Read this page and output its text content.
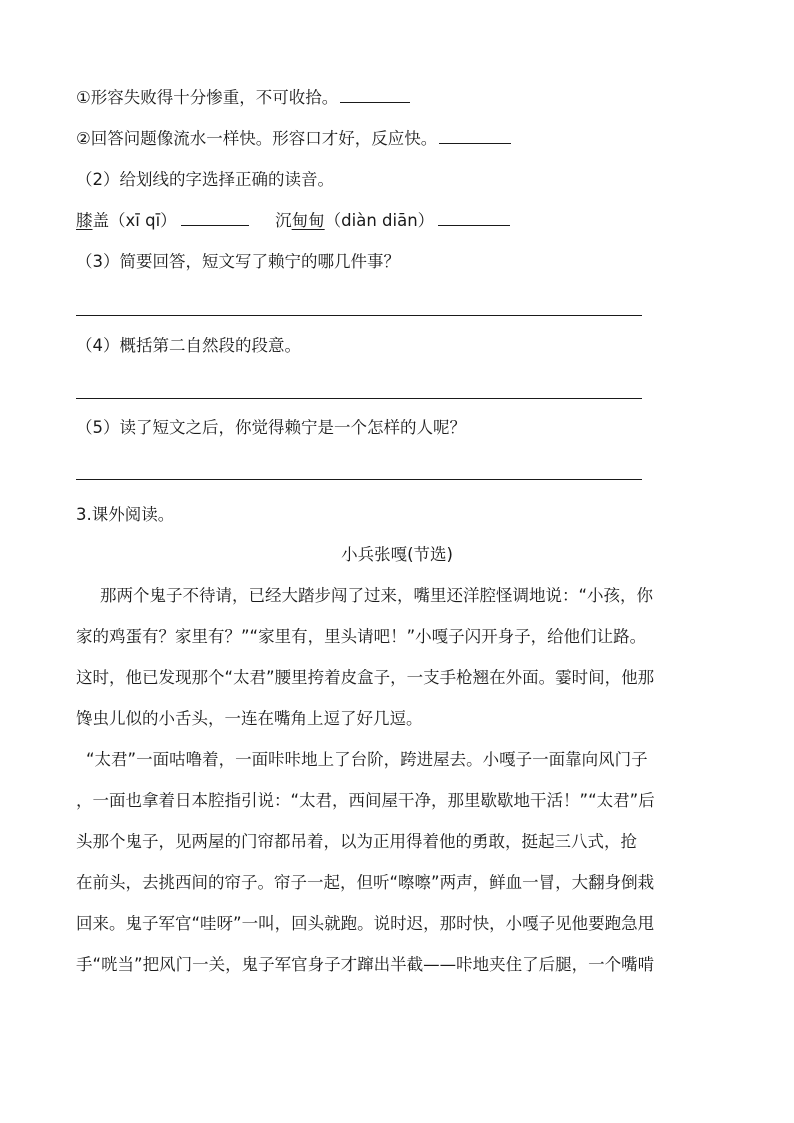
①形容失败得十分惨重，不可收拾。
②回答问题像流水一样快。形容口才好，反应快。
（2）给划线的字选择正确的读音。
膝盖（xī qī）	沉甸甸（diàn diān）
（3）简要回答，短文写了赖宁的哪几件事？
（4）概括第二自然段的段意。
（5）读了短文之后，你觉得赖宁是一个怎样的人呢？
3.课外阅读。
小兵张嘎(节选)
那两个鬼子不待请，已经大踏步闯了过来，嘴里还洋腔怪调地说：“小孩，你
家的鸡蛋有？家里有？”“家里有，里头请吧！”小嘎子闪开身子，给他们让路。
这时，他已发现那个“太君”腰里挎着皮盒子，一支手枪翘在外面。霎时间，他那
馋虫儿似的小舌头，一连在嘴角上逗了好几逗。
“太君”一面咕噜着，一面咔咔地上了台阶，跨进屋去。小嘎子一面靠向风门子
，一面也拿着日本腔指引说：“太君，西间屋干净，那里歇歇地干活！”“太君”后
头那个鬼子，见两屋的门帘都吊着，以为正用得着他的勇敢，挺起三八式，抢
在前头，去挑西间的帘子。帘子一起，但听“嚓嚓”两声，鲜血一冒，大翻身倒栽
回来。鬼子军官“哇呀”一叫，回头就跑。说时迟，那时快，小嘎子见他要跑急甩
手“咣当”把风门一关，鬼子军官身子才蹿出半截——咔地夹住了后腿，一个嘴啃
